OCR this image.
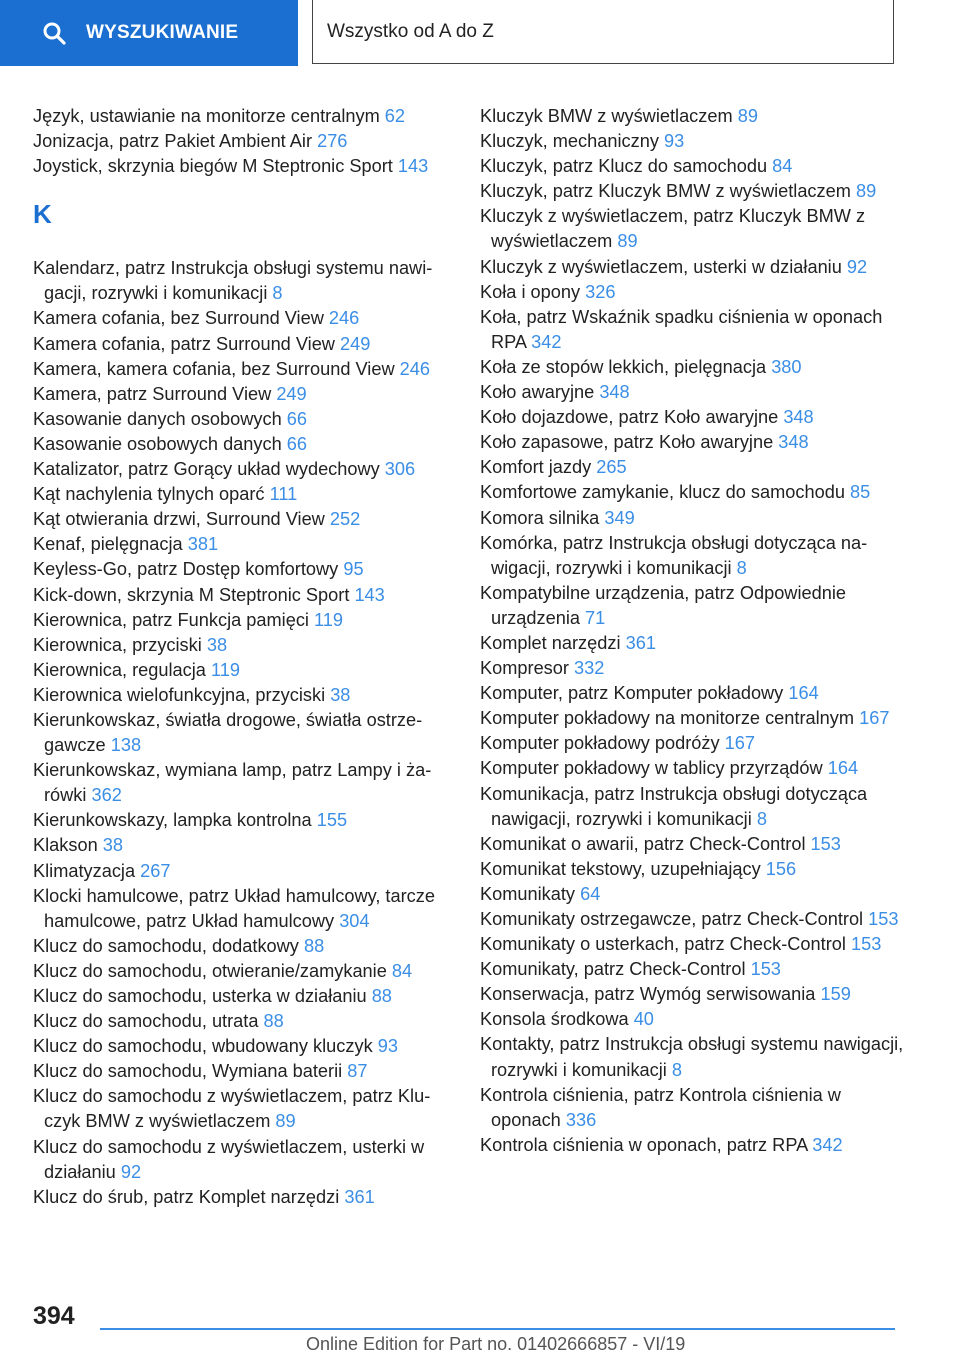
WYSZUKIWANIE	Wszystko od A do Z
Język, ustawianie na monitorze centralnym 62
Jonizacja, patrz Pakiet Ambient Air 276
Joystick, skrzynia biegów M Steptronic Sport 143
K
Kalendarz, patrz Instrukcja obsługi systemu nawigacji, rozrywki i komunikacji 8
Kamera cofania, bez Surround View 246
Kamera cofania, patrz Surround View 249
Kamera, kamera cofania, bez Surround View 246
Kamera, patrz Surround View 249
Kasowanie danych osobowych 66
Kasowanie osobowych danych 66
Katalizator, patrz Gorący układ wydechowy 306
Kąt nachylenia tylnych oparć 111
Kąt otwierania drzwi, Surround View 252
Kenaf, pielęgnacja 381
Keyless-Go, patrz Dostęp komfortowy 95
Kick-down, skrzynia M Steptronic Sport 143
Kierownica, patrz Funkcja pamięci 119
Kierownica, przyciski 38
Kierownica, regulacja 119
Kierownica wielofunkcyjna, przyciski 38
Kierunkowskaz, światła drogowe, światła ostrzegawcze 138
Kierunkowskaz, wymiana lamp, patrz Lampy i żarówki 362
Kierunkowskazy, lampka kontrolna 155
Klakson 38
Klimatyzacja 267
Klocki hamulcowe, patrz Układ hamulcowy, tarcze hamulcowe, patrz Układ hamulcowy 304
Klucz do samochodu, dodatkowy 88
Klucz do samochodu, otwieranie/zamykanie 84
Klucz do samochodu, usterka w działaniu 88
Klucz do samochodu, utrata 88
Klucz do samochodu, wbudowany kluczyk 93
Klucz do samochodu, Wymiana baterii 87
Klucz do samochodu z wyświetlaczem, patrz Kluczyk BMW z wyświetlaczem 89
Klucz do samochodu z wyświetlaczem, usterki w działaniu 92
Klucz do śrub, patrz Komplet narzędzi 361
Kluczyk BMW z wyświetlaczem 89
Kluczyk, mechaniczny 93
Kluczyk, patrz Klucz do samochodu 84
Kluczyk, patrz Kluczyk BMW z wyświetlaczem 89
Kluczyk z wyświetlaczem, patrz Kluczyk BMW z wyświetlaczem 89
Kluczyk z wyświetlaczem, usterki w działaniu 92
Koła i opony 326
Koła, patrz Wskaźnik spadku ciśnienia w oponach RPA 342
Koła ze stopów lekkich, pielęgnacja 380
Koło awaryjne 348
Koło dojazdowe, patrz Koło awaryjne 348
Koło zapasowe, patrz Koło awaryjne 348
Komfort jazdy 265
Komfortowe zamykanie, klucz do samochodu 85
Komora silnika 349
Komórka, patrz Instrukcja obsługi dotycząca nawigacji, rozrywki i komunikacji 8
Kompatybilne urządzenia, patrz Odpowiednie urządzenia 71
Komplet narzędzi 361
Kompresor 332
Komputer, patrz Komputer pokładowy 164
Komputer pokładowy na monitorze centralnym 167
Komputer pokładowy podróży 167
Komputer pokładowy w tablicy przyrządów 164
Komunikacja, patrz Instrukcja obsługi dotycząca nawigacji, rozrywki i komunikacji 8
Komunikat o awarii, patrz Check-Control 153
Komunikat tekstowy, uzupełniający 156
Komunikaty 64
Komunikaty ostrzegawcze, patrz Check-Control 153
Komunikaty o usterkach, patrz Check-Control 153
Komunikaty, patrz Check-Control 153
Konserwacja, patrz Wymóg serwisowania 159
Konsola środkowa 40
Kontakty, patrz Instrukcja obsługi systemu nawigacji, rozrywki i komunikacji 8
Kontrola ciśnienia, patrz Kontrola ciśnienia w oponach 336
Kontrola ciśnienia w oponach, patrz RPA 342
394
Online Edition for Part no. 01402666857 - VI/19
